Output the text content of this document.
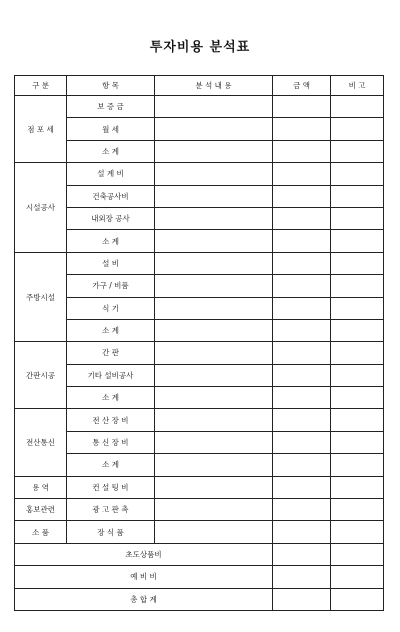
투자비용 분석표
구 분	항 목	분 석 내 용	금 액	비 고
점 포 세	보 증 금			
	월 세			
	소 계			
시설공사	설 계 비			
	건축공사비			
	내외장 공사			
	소 계			
주방시설	설 비			
	가구 / 비품			
	식 기			
	소 계			
간판시공	간 판			
	기타 설비공사			
	소 계			
전산통신	전 산 장 비			
	통 신 장 비			
	소 계			
용 역	컨 설 팅 비			
홍보관련	광 고 판 촉			
소 품	장 식 품			
초도상품비				
예 비 비				
총 합 계				
